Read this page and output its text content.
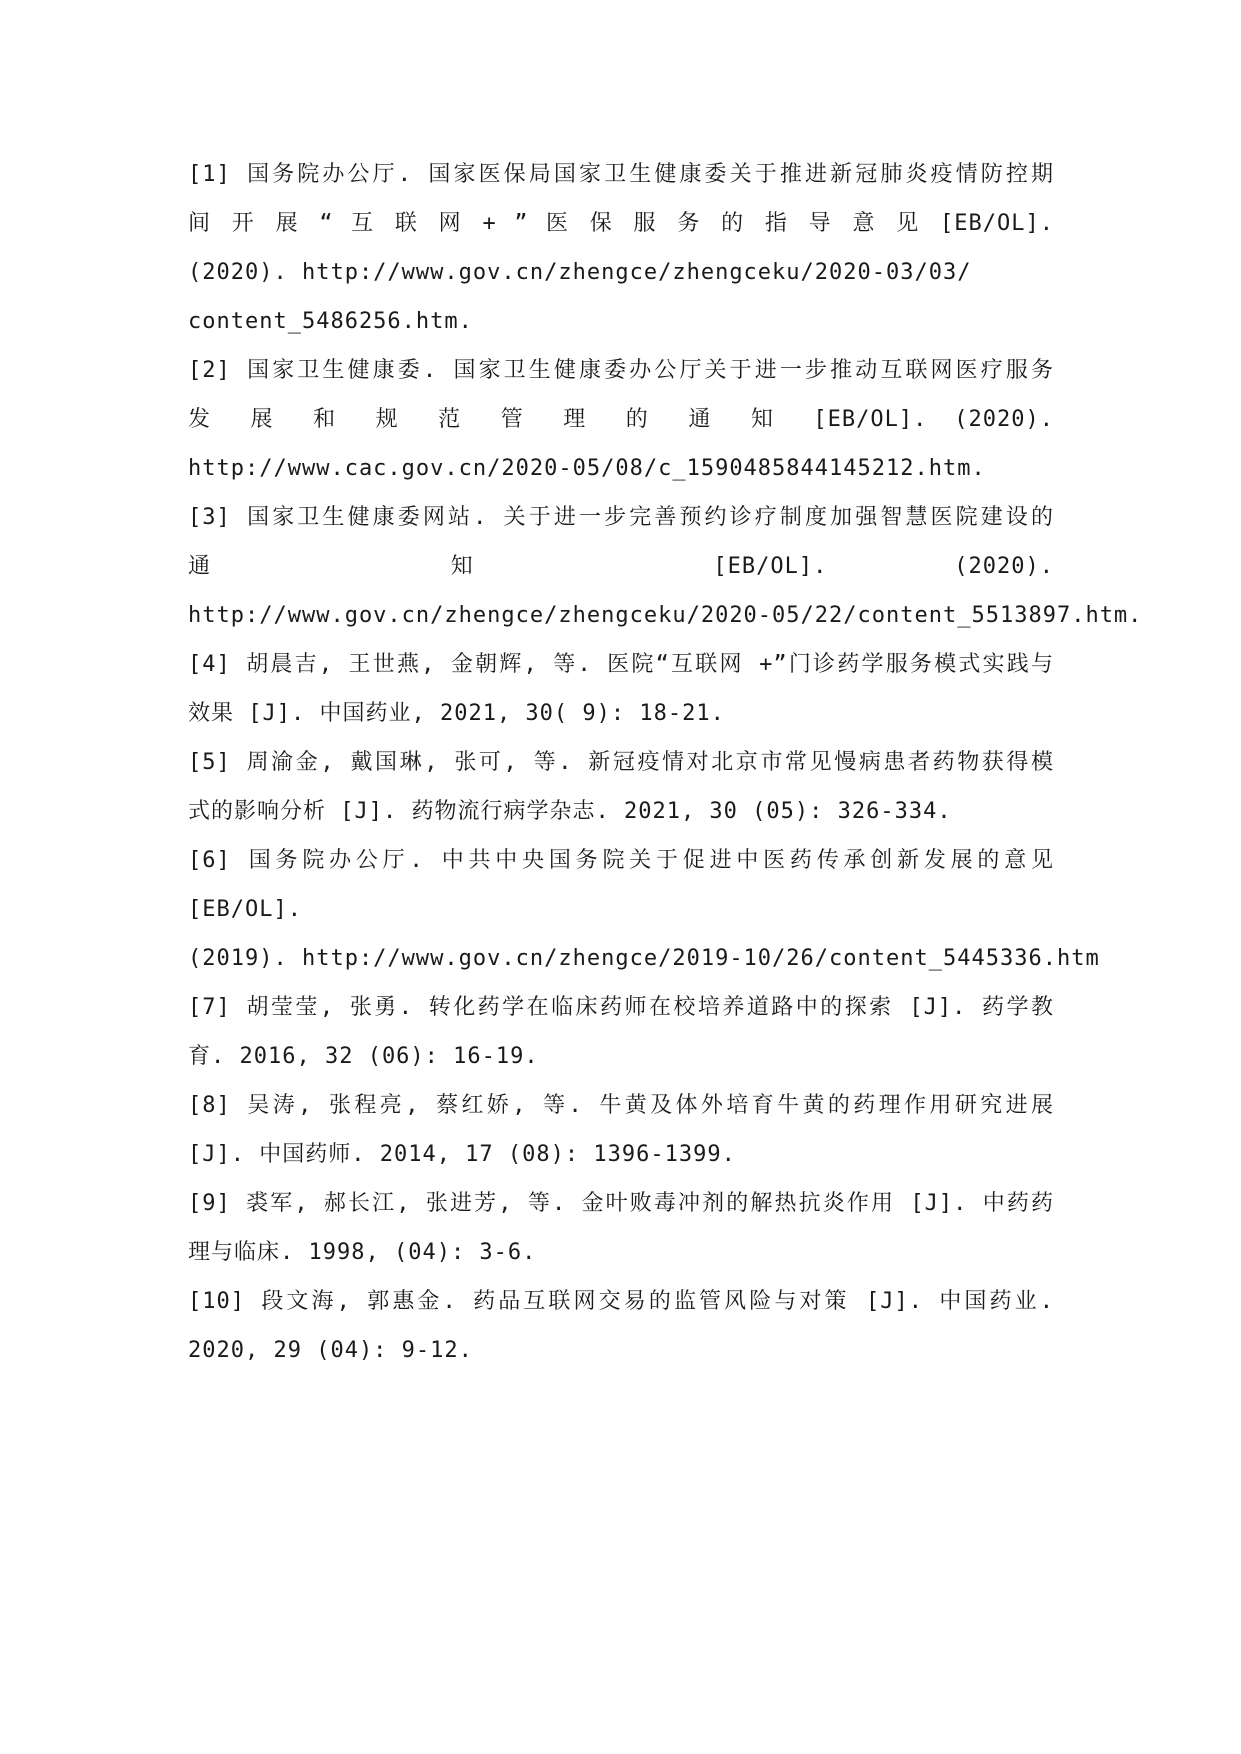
[1] 国务院办公厅. 国家医保局国家卫生健康委关于推进新冠肺炎疫情防控期
间 开 展 “ 互 联 网 + ” 医 保 服 务 的 指 导 意 见 [EB/OL].
(2020). http://www.gov.cn/zhengce/zhengceku/2020-03/03/
content_5486256.htm.
[2] 国家卫生健康委. 国家卫生健康委办公厅关于进一步推动互联网医疗服务
发 展 和 规 范 管 理 的 通 知 [EB/OL]. (2020).
http://www.cac.gov.cn/2020-05/08/c_1590485844145212.htm.
[3] 国家卫生健康委网站. 关于进一步完善预约诊疗制度加强智慧医院建设的
通 知 [EB/OL]. (2020).
http://www.gov.cn/zhengce/zhengceku/2020-05/22/content_5513897.htm.
[4] 胡晨吉, 王世燕, 金朝辉, 等. 医院“互联网 +”门诊药学服务模式实践与
效果 [J]. 中国药业, 2021, 30( 9): 18-21.
[5] 周渝金, 戴国琳, 张可, 等. 新冠疫情对北京市常见慢病患者药物获得模
式的影响分析 [J]. 药物流行病学杂志. 2021, 30 (05): 326-334.
[6] 国务院办公厅. 中共中央国务院关于促进中医药传承创新发展的意见
[EB/OL].
(2019). http://www.gov.cn/zhengce/2019-10/26/content_5445336.htm
[7] 胡莹莹, 张勇. 转化药学在临床药师在校培养道路中的探索 [J]. 药学教
育. 2016, 32 (06): 16-19.
[8] 吴涛, 张程亮, 蔡红娇, 等. 牛黄及体外培育牛黄的药理作用研究进展
[J]. 中国药师. 2014, 17 (08): 1396-1399.
[9] 裘军, 郝长江, 张进芳, 等. 金叶败毒冲剂的解热抗炎作用 [J]. 中药药
理与临床. 1998, (04): 3-6.
[10] 段文海, 郭惠金. 药品互联网交易的监管风险与对策 [J]. 中国药业.
2020, 29 (04): 9-12.
